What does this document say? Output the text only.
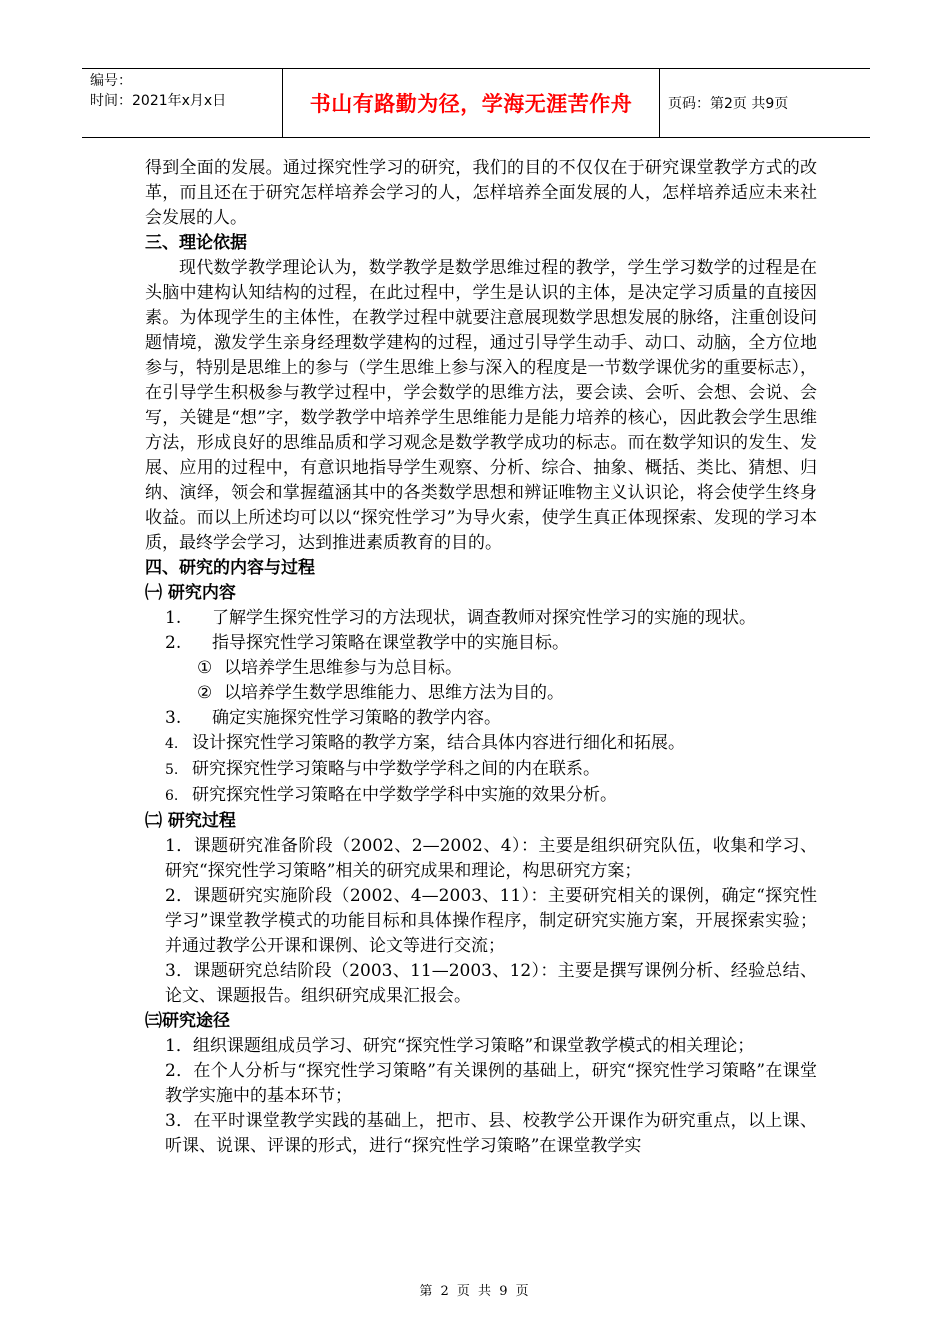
编号：
时间：2021年x月x日	书山有路勤为径，学海无涯苦作舟	页码：第2页 共9页

得到全面的发展。通过探究性学习的研究，我们的目的不仅仅在于研究课堂教学方式的改革，而且还在于研究怎样培养会学习的人，怎样培养全面发展的人，怎样培养适应未来社会发展的人。

三、理论依据

现代数学教学理论认为，数学教学是数学思维过程的教学，学生学习数学的过程是在头脑中建构认知结构的过程，在此过程中，学生是认识的主体，是决定学习质量的直接因素。为体现学生的主体性，在教学过程中就要注意展现数学思想发展的脉络，注重创设问题情境，激发学生亲身经理数学建构的过程，通过引导学生动手、动口、动脑，全方位地参与，特别是思维上的参与（学生思维上参与深入的程度是一节数学课优劣的重要标志），在引导学生积极参与教学过程中，学会数学的思维方法，要会读、会听、会想、会说、会写，关键是“想”字，数学教学中培养学生思维能力是能力培养的核心，因此教会学生思维方法，形成良好的思维品质和学习观念是数学教学成功的标志。而在数学知识的发生、发展、应用的过程中，有意识地指导学生观察、分析、综合、抽象、概括、类比、猜想、归纳、演绎，领会和掌握蕴涵其中的各类数学思想和辨证唯物主义认识论，将会使学生终身收益。而以上所述均可以以“探究性学习”为导火索，使学生真正体现探索、发现的学习本质，最终学会学习，达到推进素质教育的目的。

四、研究的内容与过程

㈠ 研究内容

1. 了解学生探究性学习的方法现状，调查教师对探究性学习的实施的现状。
2. 指导探究性学习策略在课堂教学中的实施目标。
① 以培养学生思维参与为总目标。
② 以培养学生数学思维能力、思维方法为目的。
3. 确定实施探究性学习策略的教学内容。
4. 设计探究性学习策略的教学方案，结合具体内容进行细化和拓展。
5. 研究探究性学习策略与中学数学学科之间的内在联系。
6. 研究探究性学习策略在中学数学学科中实施的效果分析。

㈡ 研究过程

1．课题研究准备阶段（2002、2—2002、4）：主要是组织研究队伍，收集和学习、研究“探究性学习策略”相关的研究成果和理论，构思研究方案；

2．课题研究实施阶段（2002、4—2003、11）：主要研究相关的课例，确定“探究性学习”课堂教学模式的功能目标和具体操作程序，制定研究实施方案，开展探索实验；并通过教学公开课和课例、论文等进行交流；

3．课题研究总结阶段（2003、11—2003、12）：主要是撰写课例分析、经验总结、论文、课题报告。组织研究成果汇报会。

㈢研究途径

1．组织课题组成员学习、研究“探究性学习策略”和课堂教学模式的相关理论；

2．在个人分析与“探究性学习策略”有关课例的基础上，研究“探究性学习策略”在课堂教学实施中的基本环节；

3．在平时课堂教学实践的基础上，把市、县、校教学公开课作为研究重点，以上课、听课、说课、评课的形式，进行“探究性学习策略”在课堂教学实

第 2 页 共 9 页
